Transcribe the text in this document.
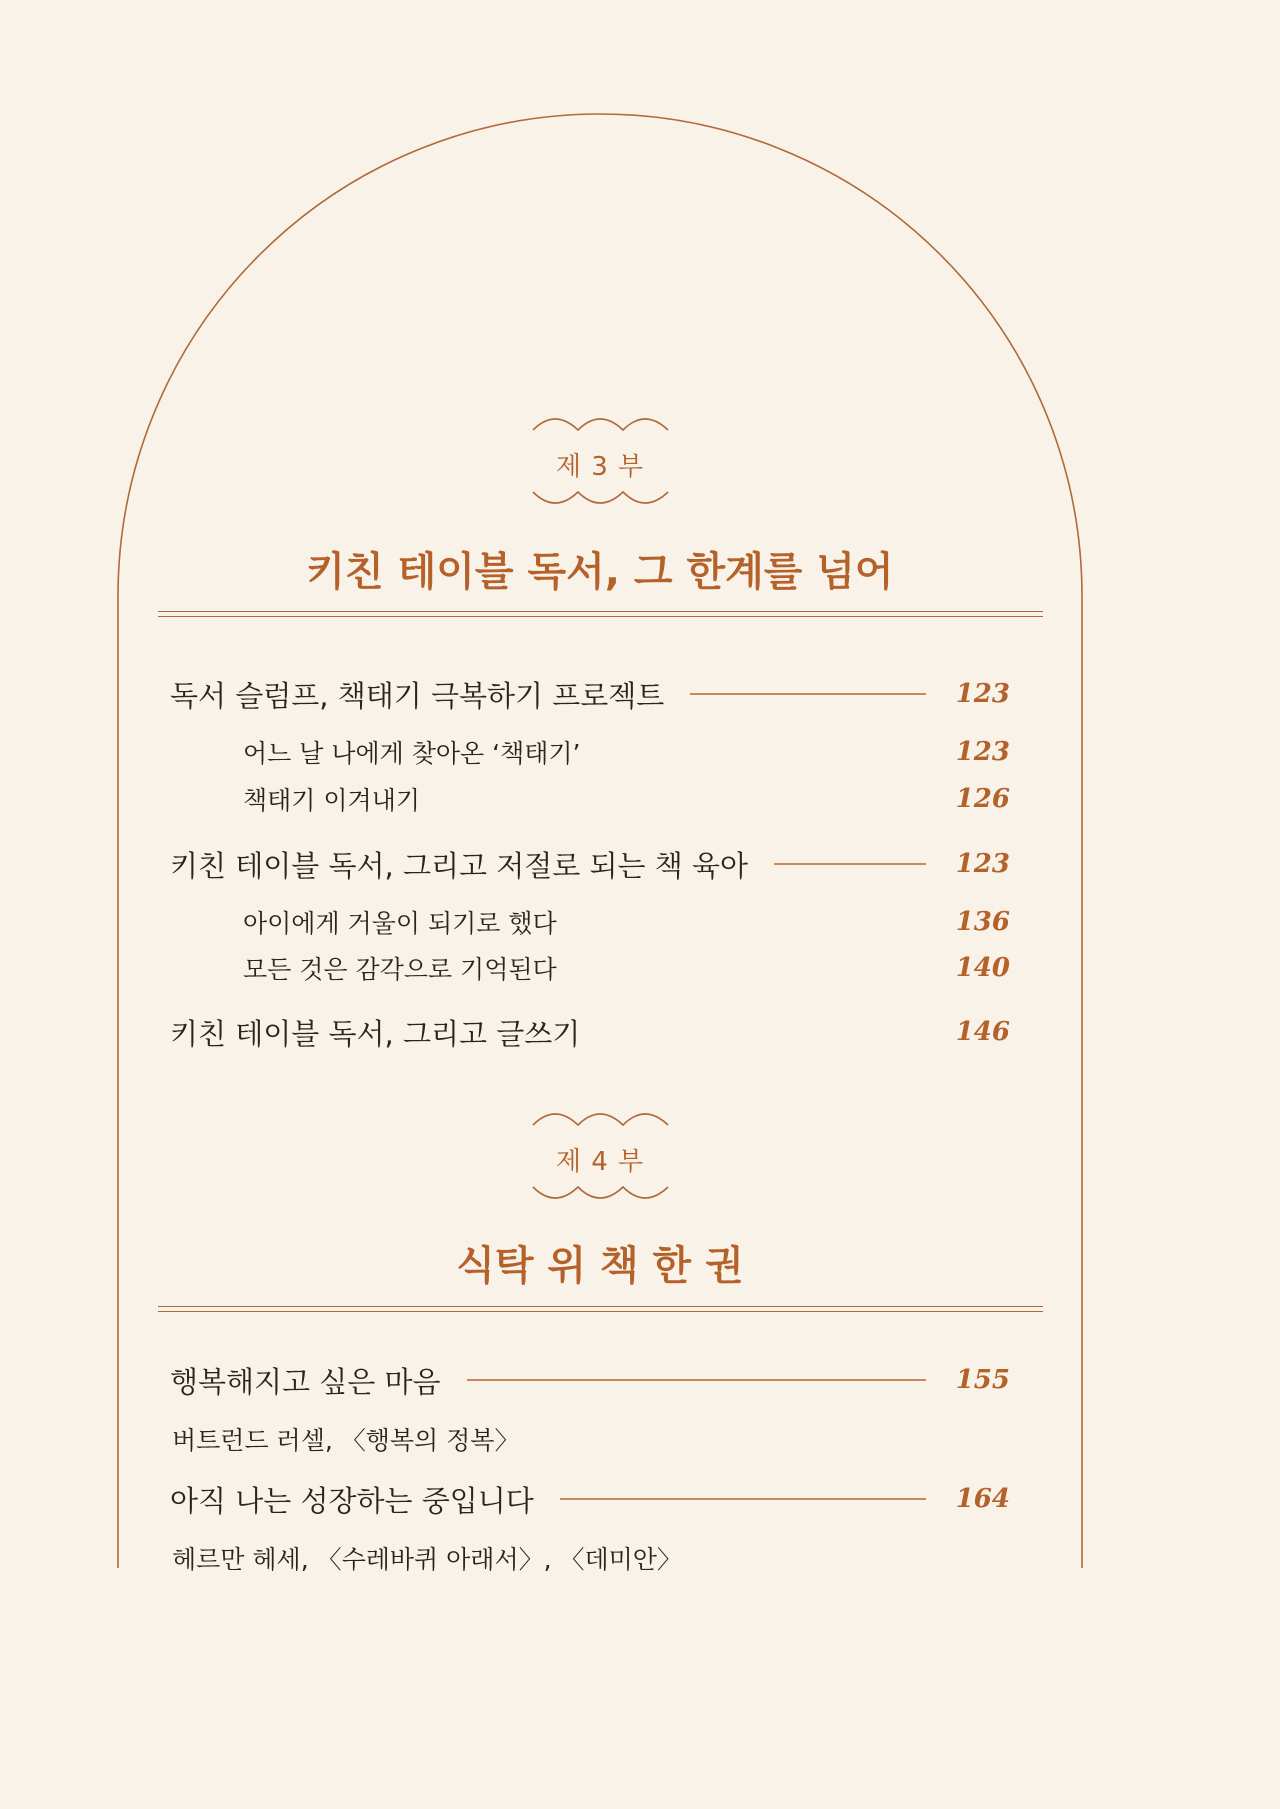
제 3 부
키친 테이블 독서, 그 한계를 넘어
독서 슬럼프, 책태기 극복하기 프로젝트	123
어느 날 나에게 찾아온 ‘책태기’	123
책태기 이겨내기	126
키친 테이블 독서, 그리고 저절로 되는 책 육아	123
아이에게 거울이 되기로 했다	136
모든 것은 감각으로 기억된다	140
키친 테이블 독서, 그리고 글쓰기	146
제 4 부
식탁 위 책 한 권
행복해지고 싶은 마음	155
버트런드 러셀, 〈행복의 정복〉
아직 나는 성장하는 중입니다	164
헤르만 헤세, 〈수레바퀴 아래서〉, 〈데미안〉
